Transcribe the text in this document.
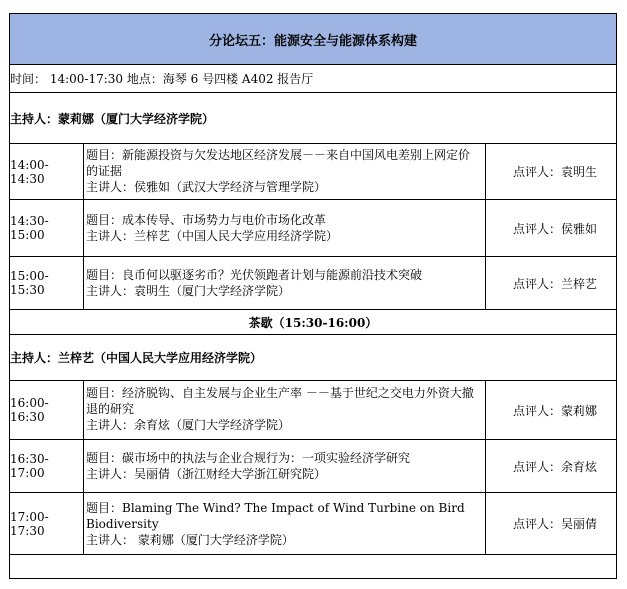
分论坛五：能源安全与能源体系构建
时间： 14:00-17:30 地点：海琴 6 号四楼 A402 报告厅
主持人：蒙莉娜（厦门大学经济学院）
14:00-14:30
题目：新能源投资与欠发达地区经济发展－－来自中国风电差别上网定价
的证据
主讲人：侯雅如（武汉大学经济与管理学院）
点评人：袁明生
14:30-15:00
题目：成本传导、市场势力与电价市场化改革
主讲人：兰梓艺（中国人民大学应用经济学院）
点评人：侯雅如
15:00-15:30
题目：良币何以驱逐劣币？光伏领跑者计划与能源前沿技术突破
主讲人：袁明生（厦门大学经济学院）
点评人：兰梓艺
茶歇（15:30-16:00）
主持人：兰梓艺（中国人民大学应用经济学院）
16:00-16:30
题目：经济脱钩、自主发展与企业生产率 －－基于世纪之交电力外资大撤
退的研究
主讲人：余育炫（厦门大学经济学院）
点评人：蒙莉娜
16:30-17:00
题目：碳市场中的执法与企业合规行为：一项实验经济学研究
主讲人：吴丽倩（浙江财经大学浙江研究院）
点评人：余育炫
17:00-17:30
题目：Blaming The Wind? The Impact of Wind Turbine on Bird Biodiversity
主讲人： 蒙莉娜（厦门大学经济学院）
点评人：吴丽倩
